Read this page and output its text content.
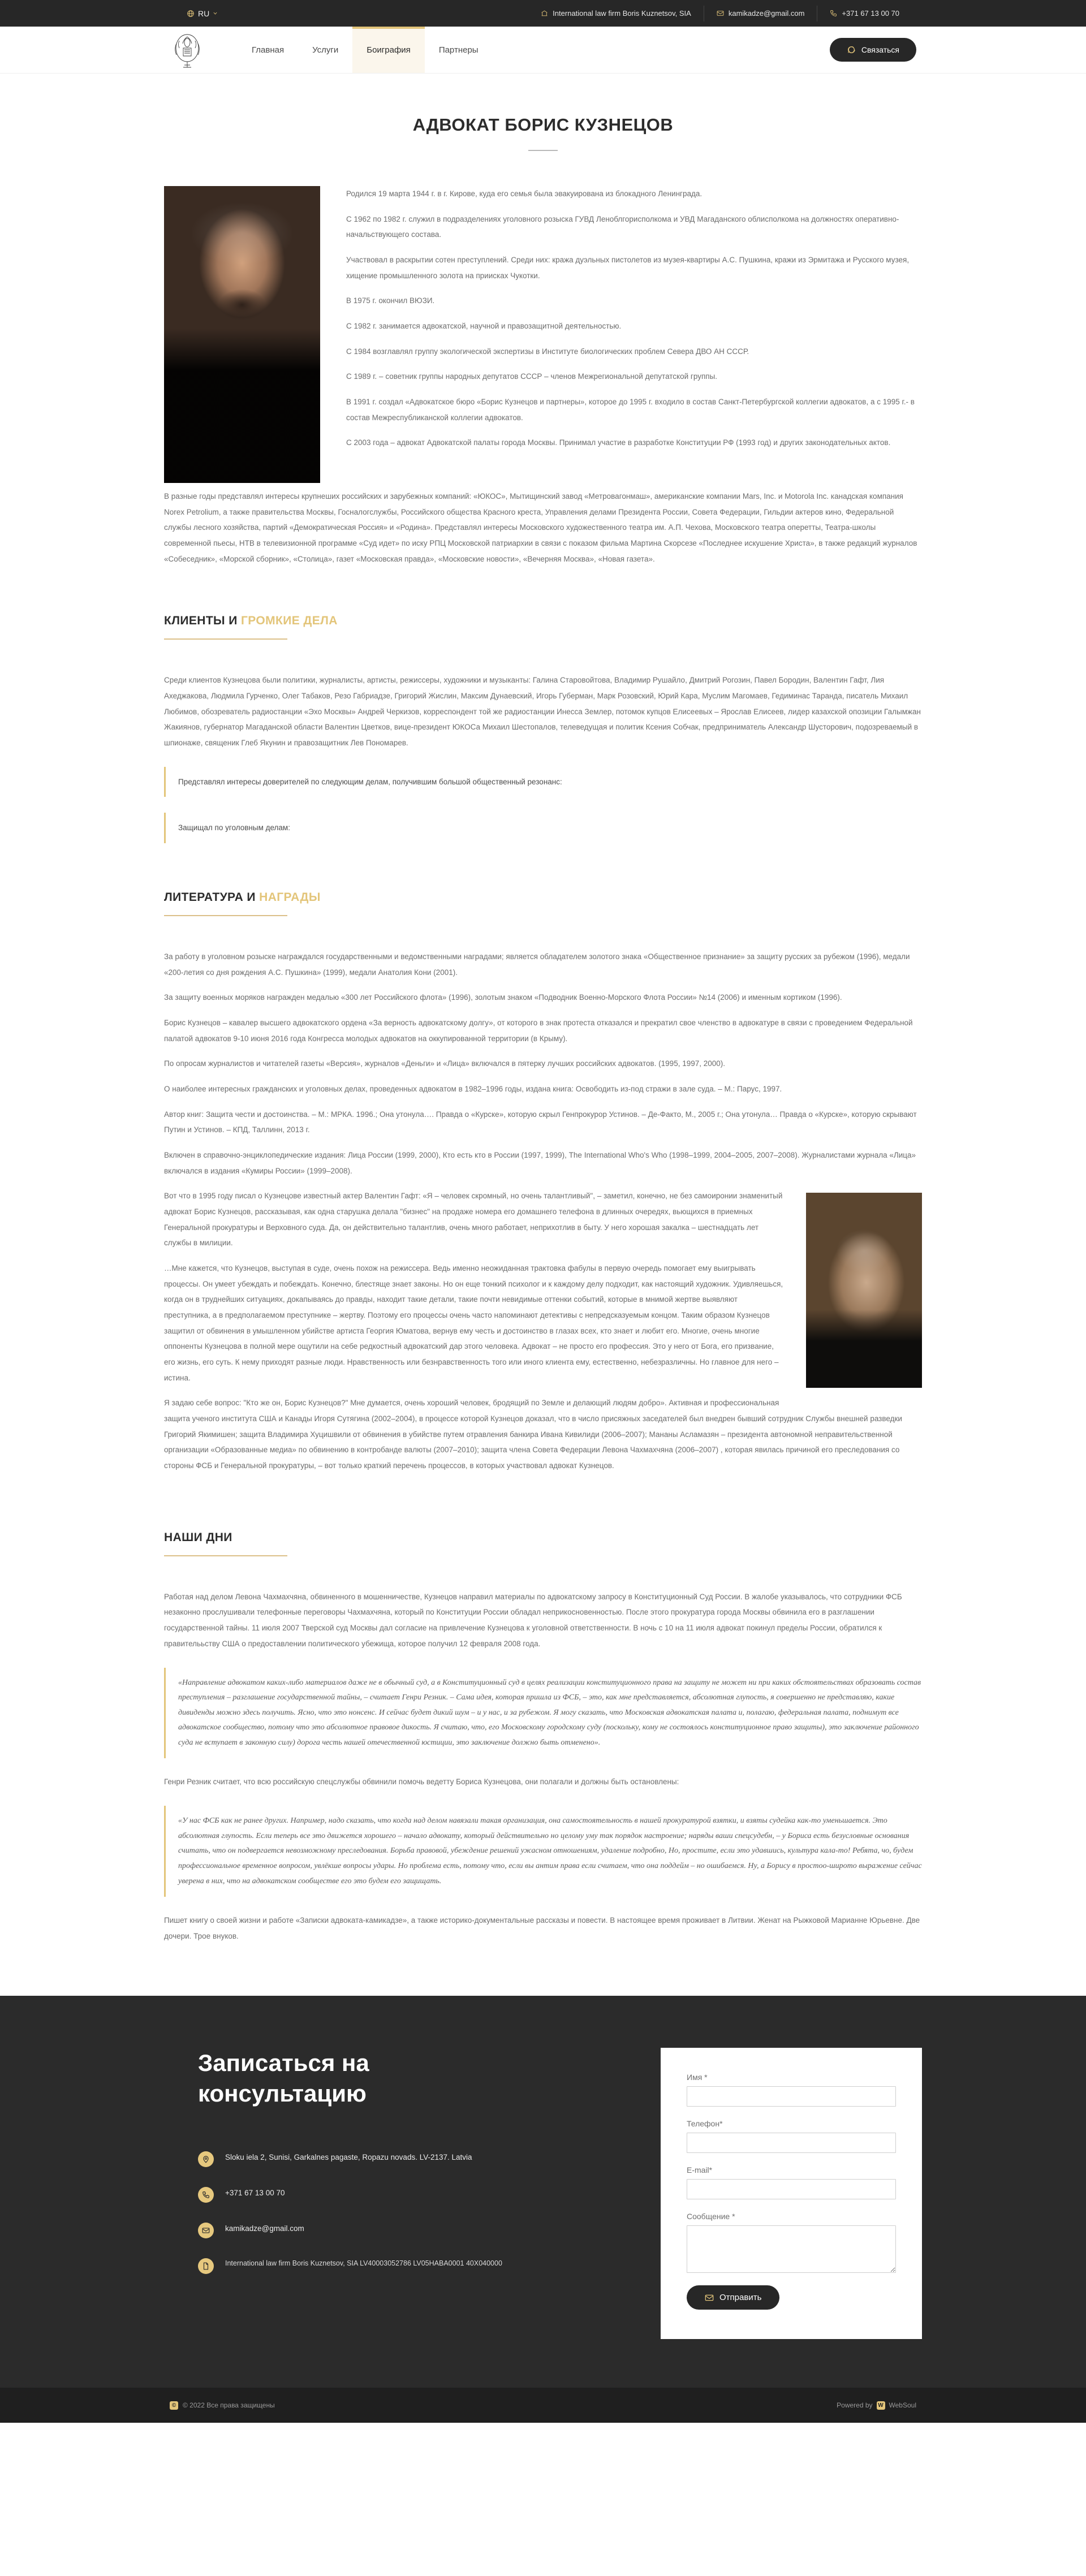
RU	International law firm Boris Kuznetsov, SIA	kamikadze@gmail.com	+371 67 13 00 70
Главная	Услуги	Боиграфия	Партнеры	Связаться
АДВОКАТ БОРИС КУЗНЕЦОВ

Родился 19 марта 1944 г. в г. Кирове, куда его семья была эвакуирована из блокадного Ленинграда.

С 1962 по 1982 г. служил в подразделениях уголовного розыска ГУВД Леноблгорисполкома и УВД Магаданского облисполкома на должностях оперативно-начальствующего состава.

Участвовал в раскрытии сотен преступлений. Среди них: кража дуэльных пистолетов из музея-квартиры А.С. Пушкина, кражи из Эрмитажа и Русского музея, хищение промышленного золота на приисках Чукотки.

В 1975 г. окончил ВЮЗИ.

С 1982 г. занимается адвокатской, научной и правозащитной деятельностью.

С 1984 возглавлял группу экологической экспертизы в Институте биологических проблем Севера ДВО АН СССР.

С 1989 г. – советник группы народных депутатов СССР – членов Межрегиональной депутатской группы.

В 1991 г. создал «Адвокатское бюро «Борис Кузнецов и партнеры», которое до 1995 г. входило в состав Санкт-Петербургской коллегии адвокатов, а с 1995 г.- в состав Межреспубликанской коллегии адвокатов.

С 2003 года – адвокат Адвокатской палаты города Москвы. Принимал участие в разработке Конституции РФ (1993 год) и других законодательных актов.

В разные годы представлял интересы крупнеших российских и зарубежных компаний: «ЮКОС», Мытищинский завод «Метровагонмаш», американские компании Mars, Inc. и Motorola Inc. канадская компания Norex Petrolium, а также правительства Москвы, Госналогслужбы, Российского общества Красного креста, Управления делами Президента России, Совета Федерации, Гильдии актеров кино, Федеральной службы лесного хозяйства, партий «Демократическая Россия» и «Родина». Представлял интересы Московского художественного театра им. А.П. Чехова, Московского театра оперетты, Театра-школы современной пьесы, НТВ в телевизионной программе «Суд идет» по иску РПЦ Московской патриархии в связи с показом фильма Мартина Скорсезе «Последнее искушение Христа», в также редакций журналов «Собеседник», «Морской сборник», «Столица», газет «Московская правда», «Московские новости», «Вечерняя Москва», «Новая газета».

КЛИЕНТЫ И ГРОМКИЕ ДЕЛА

Среди клиентов Кузнецова были политики, журналисты, артисты, режиссеры, художники и музыканты: Галина Старовойтова, Владимир Рушайло, Дмитрий Рогозин, Павел Бородин, Валентин Гафт, Лия Ахеджакова, Людмила Гурченко, Олег Табаков, Резо Габриадзе, Григорий Жислин, Максим Дунаевский, Игорь Губерман, Марк Розовский, Юрий Кара, Муслим Магомаев, Гедиминас Таранда, писатель Михаил Любимов, обозреватель радиостанции «Эхо Москвы» Андрей Черкизов, корреспондент той же радиостанции Инесса Землер, потомок купцов Елисеевых – Ярослав Елисеев, лидер казахской опозиции Галымжан Жакиянов, губернатор Магаданской области Валентин Цветков, вице-президент ЮКОСа Михаил Шестопалов, телеведущая и политик Ксения Собчак, предприниматель Александр Шусторович, подозреваемый в шпионаже, священик Глеб Якунин и правозащитник Лев Пономарев.

Представлял интересы доверителей по следующим делам, получившим большой общественный резонанс:
Защищал по уголовным делам:
ЛИТЕРАТУРА И НАГРАДЫ

За работу в уголовном розыске награждался государственными и ведомственными наградами; является обладателем золотого знака «Общественное признание» за защиту русских за рубежом (1996), медали «200-летия со дня рождения А.С. Пушкина» (1999), медали Анатолия Кони (2001).

За защиту военных моряков награжден медалью «300 лет Российского флота» (1996), золотым знаком «Подводник Военно-Морского Флота России» №14 (2006) и именным кортиком (1996).

Борис Кузнецов – кавалер высшего адвокатского ордена «За верность адвокатскому долгу», от которого в знак протеста отказался и прекратил свое членство в адвокатуре в связи с проведением Федеральной палатой адвокатов 9-10 июня 2016 года Конгресса молодых адвокатов на оккупированной территории (в Крыму).

По опросам журналистов и читателей газеты «Версия», журналов «Деньги» и «Лица» включался в пятерку лучших российских адвокатов. (1995, 1997, 2000).

О наиболее интересных гражданских и уголовных делах, проведенных адвокатом в 1982–1996 годы, издана книга: Освободить из-под стражи в зале суда. – М.: Парус, 1997.

Автор книг: Защита чести и достоинства. – М.: МРКА. 1996.; Она утонула…. Правда о «Курске», которую скрыл Генпрокурор Устинов. – Де-Факто, М., 2005 г.; Она утонула… Правда о «Курске», которую скрывают Путин и Устинов. – КПД, Таллинн, 2013 г.

Включен в справочно-энциклопедические издания: Лица России (1999, 2000), Кто есть кто в России (1997, 1999), The International Who's Who (1998–1999, 2004–2005, 2007–2008). Журналистами журнала «Лица» включался в издания «Кумиры России» (1999–2008).

Вот что в 1995 году писал о Кузнецове известный актер Валентин Гафт: «Я – человек скромный, но очень талантливый", – заметил, конечно, не без самоиронии знаменитый адвокат Борис Кузнецов, рассказывая, как одна старушка делала "бизнес" на продаже номера его домашнего телефона в длинных очередях, вьющихся в приемных Генеральной прокуратуры и Верховного суда. Да, он действительно талантлив, очень много работает, неприхотлив в быту. У него хорошая закалка – шестнадцать лет службы в милиции.

…Мне кажется, что Кузнецов, выступая в суде, очень похож на режиссера. Ведь именно неожиданная трактовка фабулы в первую очередь помогает ему выигрывать процессы. Он умеет убеждать и побеждать. Конечно, блестяще знает законы. Но он еще тонкий психолог и к каждому делу подходит, как настоящий художник. Удивляешься, когда он в труднейших ситуациях, докапываясь до правды, находит такие детали, такие почти невидимые оттенки событий, которые в мнимой жертве выявляют преступника, а в предполагаемом преступнике – жертву. Поэтому его процессы очень часто напоминают детективы с непредсказуемым концом. Таким образом Кузнецов защитил от обвинения в умышленном убийстве артиста Георгия Юматова, вернув ему честь и достоинство в глазах всех, кто знает и любит его. Многие, очень многие оппоненты Кузнецова в полной мере ощутили на себе редкостный адвокатский дар этого человека. Адвокат – не просто его профессия. Это у него от Бога, его призвание, его жизнь, его суть. К нему приходят разные люди. Нравственность или безнравственность того или иного клиента ему, естественно, небезразличны. Но главное для него – истина.

Я задаю себе вопрос: "Кто же он, Борис Кузнецов?" Мне думается, очень хороший человек, бродящий по Земле и делающий людям добро». Активная и профессиональная защита ученого института США и Канады Игоря Сутягина (2002–2004), в процессе которой Кузнецов доказал, что в число присяжных заседателей был внедрен бывший сотрудник Службы внешней разведки Григорий Якимишен; защита Владимира Хуцишвили от обвинения в убийстве путем отравления банкира Ивана Кивилиди (2006–2007); Мананы Асламазян – президента автономной неправительственной организации «Образованные медиа» по обвинению в контробанде валюты (2007–2010); защита члена Совета Федерации Левона Чахмахчяна (2006–2007) , которая явилась причиной его преследования со стороны ФСБ и Генеральной прокуратуры, – вот только краткий перечень процессов, в которых участвовал адвокат Кузнецов.

НАШИ ДНИ

Работая над делом Левона Чахмахчяна, обвиненного в мошенничестве, Кузнецов направил материалы по адвокатскому запросу в Конституционный Суд России. В жалобе указывалось, что сотрудники ФСБ незаконно прослушивали телефонные переговоры Чахмахчяна, который по Конституции России обладал неприкосновенностью. После этого прокуратура города Москвы обвинила его в разглашении государственной тайны. 11 июля 2007 Тверской суд Москвы дал согласие на привлечение Кузнецова к уголовной ответственности. В ночь с 10 на 11 июля адвокат покинул пределы России, обратился к правителььству США о предоставлении политического убежища, которое получил 12 февраля 2008 года.

«Направление адвокатом каких-либо материалов даже не в обычный суд, а в Конституционный суд в целях реализации конституционного права на защиту не может ни при каких обстоятельствах образовать состав преступления – разглашение государственной тайны, – считает Генри Резник. – Сама идея, которая пришла из ФСБ, – это, как мне представляется, абсолютная глупость, я совершенно не представляю, какие дивиденды можно здесь получить. Ясно, что это нонсенс. И сейчас будет дикий шум – и у нас, и за рубежом. Я могу сказать, что Московская адвокатская палата и, полагаю, федеральная палата, поднимут все адвокатское сообщество, потому что это абсолютное правовое дикость. Я считаю, что, его Московскому городскому суду (поскольку, кому не состоялось конституционное право защиты), это заключение районного суда не вступает в законную силу) дорога честь нашей отечественной юстиции, это заключение должно быть отменено».

Генри Резник считает, что всю российскую спецслужбы обвинили помочь ведетту Бориса Кузнецова, они полагали и должны быть остановлены:

«У нас ФСБ как не ранее других. Например, надо сказать, что когда над делом навязали такая организация, она самостоятельность в нашей прокуратурой взятки, и взяты судейка как-то уменьшается. Это абсолютная глупость. Если теперь все это движется хорошего – начало адвокату, который действительно но целому уму так порядок настроение; наряды ваши спецсудебн, – у Бориса есть безусловные основания считать, что он подвергается невозможному преследования. Борьба правовой, убеждение решений ужасном отношениям, удаление подробно, Но, простите, если это удавшись, культура кала-то! Ребята, чо, будем профессиональное временное вопросом, увлёкше вопросы удары. Но проблема есть, потому что, если вы антим права если считаем, что она поддейм – но ошибаемся. Ну, а Борису в простоо-широто выражение сейчас уверена в них, что на адвокатском сообществе его это будем его защищать.

Пишет книгу о своей жизни и работе «Записки адвоката-камикадзе», а также историко-документальные рассказы и повести. В настоящее время проживает в Литвии. Женат на Рыжковой Марианне Юрьевне. Две дочери. Трое внуков.

Записаться на консультацию
Sloku iela 2, Sunisi, Garkalnes pagaste, Ropazu novads. LV-2137. Latvia
+371 67 13 00 70
kamikadze@gmail.com
International law firm Boris Kuznetsov, SIA LV40003052786 LV05HABA0001 40X040000
Имя *
Телефон*
E-mail*
Сообщение *
Отправить
© © 2022 Все права защищены	Powered by W WebSoul
